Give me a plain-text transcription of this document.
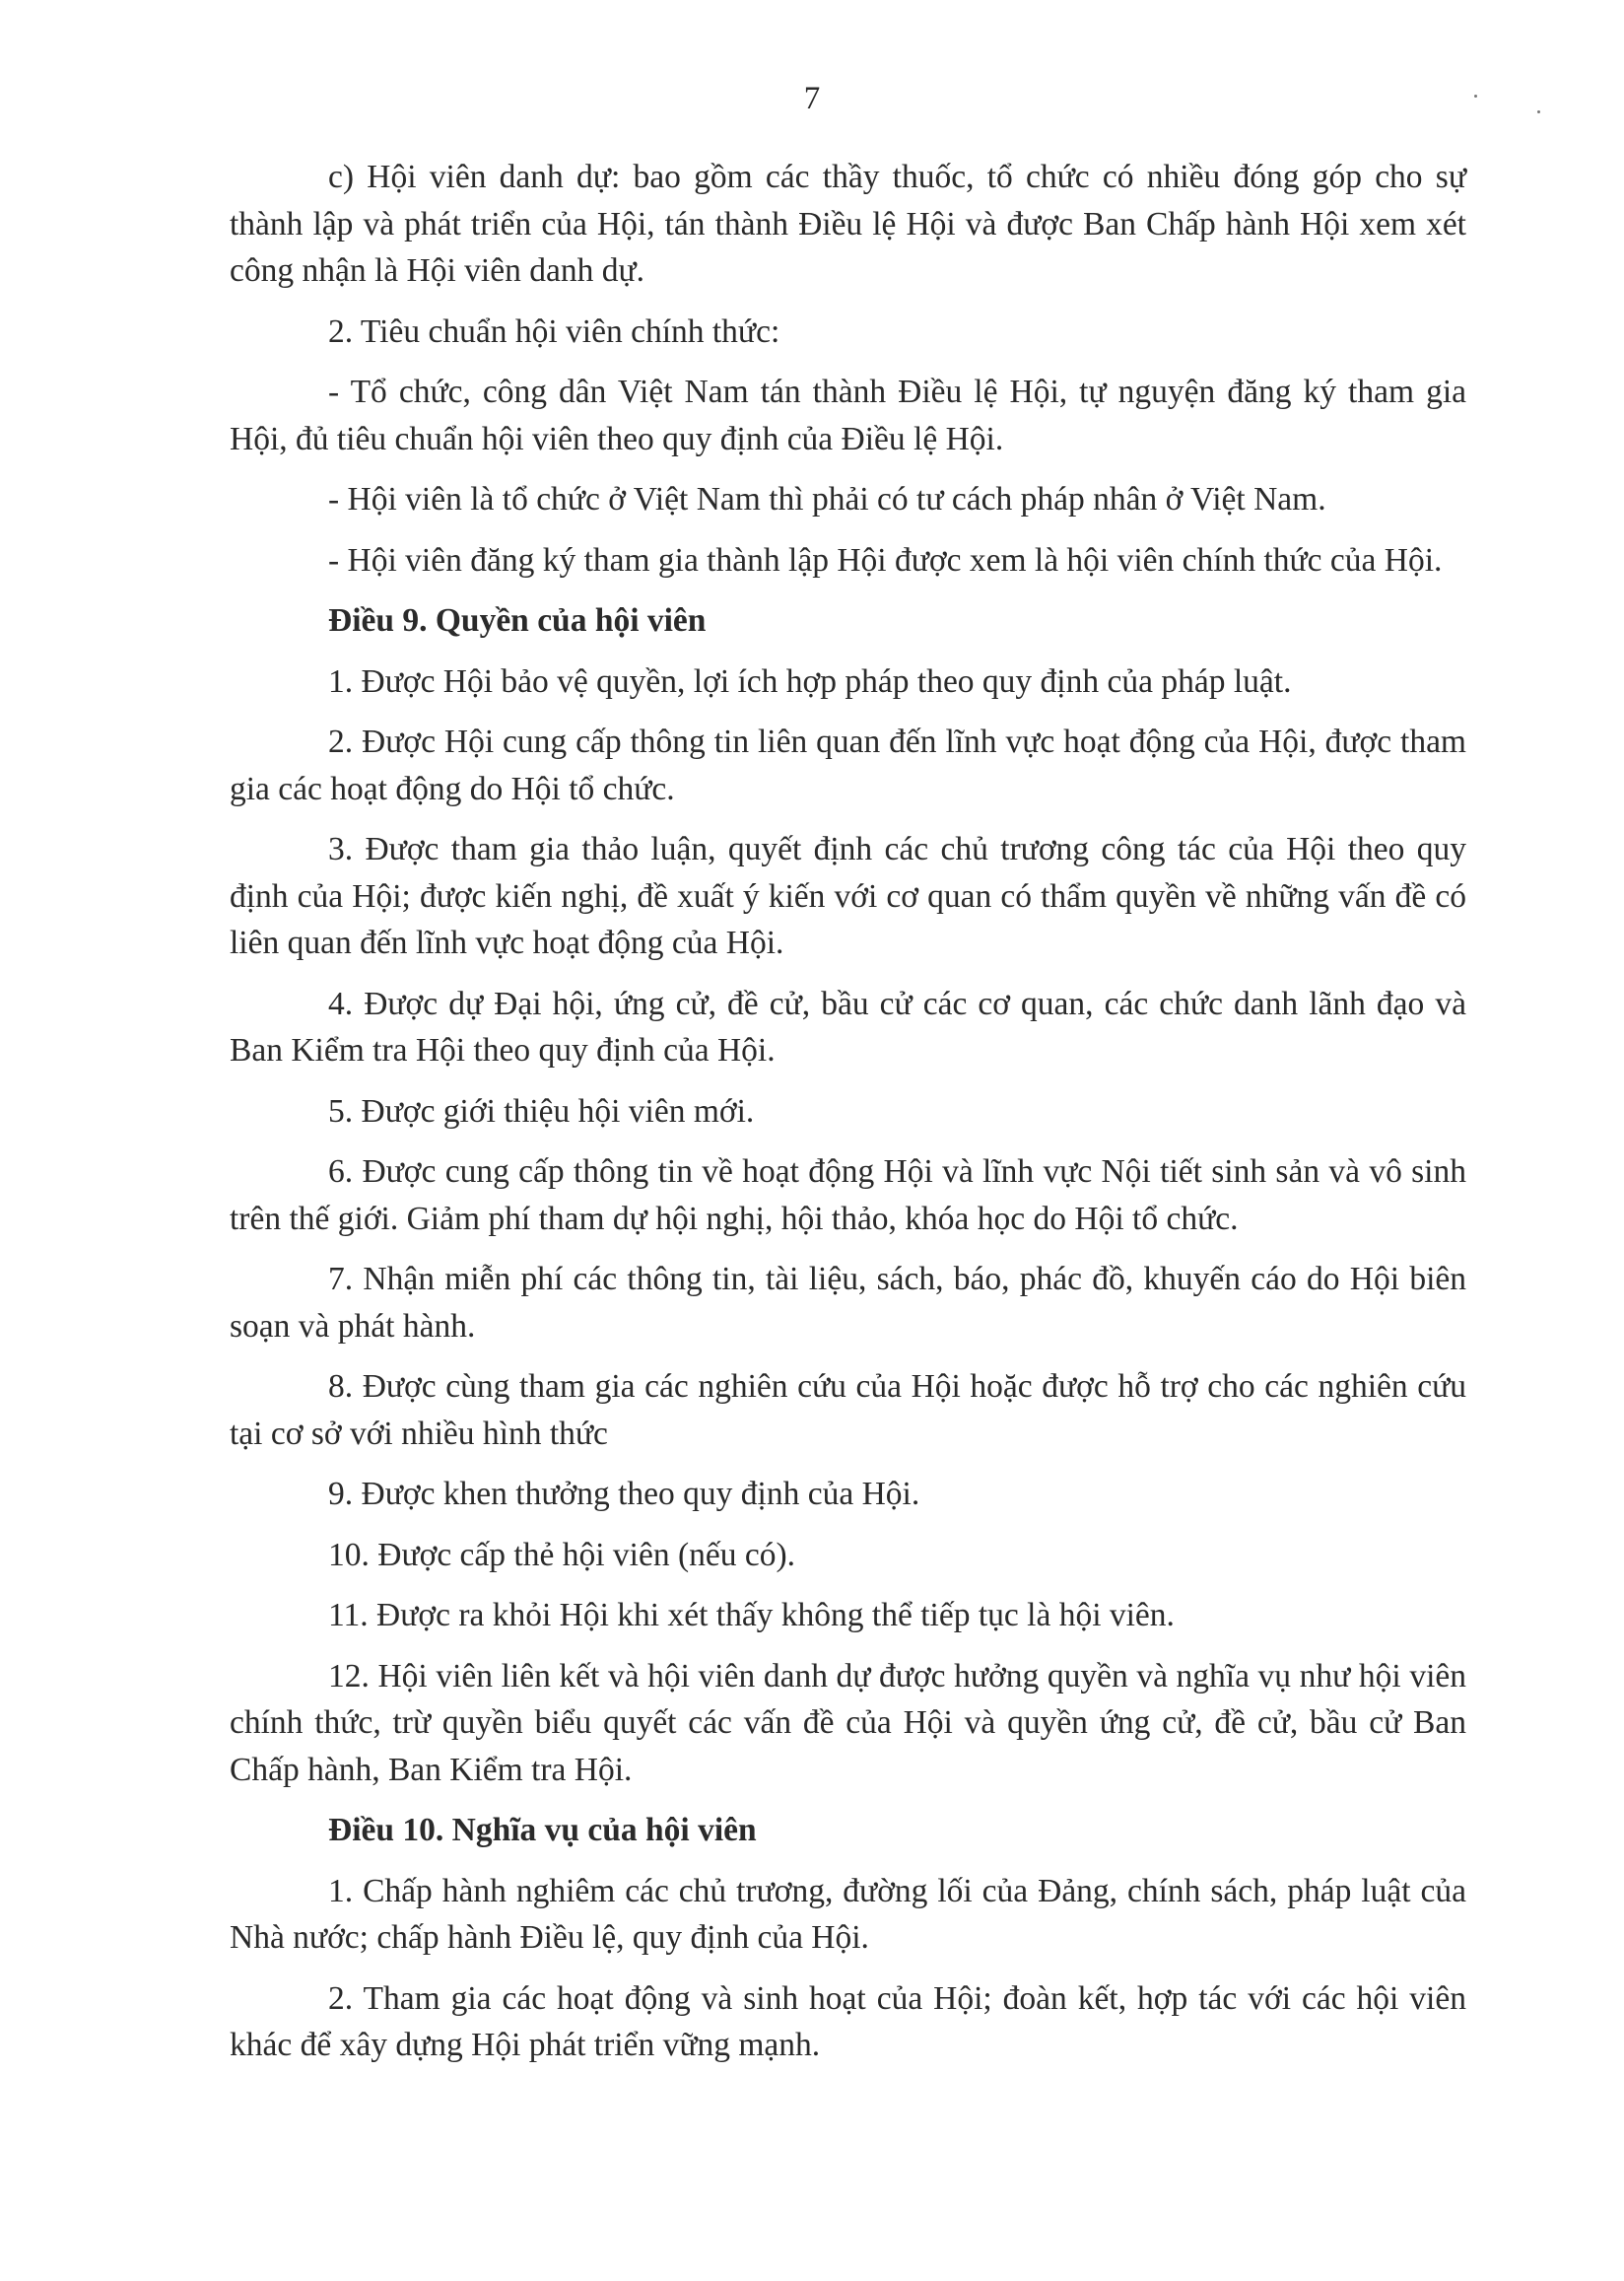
7

c) Hội viên danh dự: bao gồm các thầy thuốc, tổ chức có nhiều đóng góp cho sự thành lập và phát triển của Hội, tán thành Điều lệ Hội và được Ban Chấp hành Hội xem xét công nhận là Hội viên danh dự.

2. Tiêu chuẩn hội viên chính thức:

- Tổ chức, công dân Việt Nam tán thành Điều lệ Hội, tự nguyện đăng ký tham gia Hội, đủ tiêu chuẩn hội viên theo quy định của Điều lệ Hội.

- Hội viên là tổ chức ở Việt Nam thì phải có tư cách pháp nhân ở Việt Nam.

- Hội viên đăng ký tham gia thành lập Hội được xem là hội viên chính thức của Hội.

Điều 9. Quyền của hội viên

1. Được Hội bảo vệ quyền, lợi ích hợp pháp theo quy định của pháp luật.

2. Được Hội cung cấp thông tin liên quan đến lĩnh vực hoạt động của Hội, được tham gia các hoạt động do Hội tổ chức.

3. Được tham gia thảo luận, quyết định các chủ trương công tác của Hội theo quy định của Hội; được kiến nghị, đề xuất ý kiến với cơ quan có thẩm quyền về những vấn đề có liên quan đến lĩnh vực hoạt động của Hội.

4. Được dự Đại hội, ứng cử, đề cử, bầu cử các cơ quan, các chức danh lãnh đạo và Ban Kiểm tra Hội theo quy định của Hội.

5. Được giới thiệu hội viên mới.

6. Được cung cấp thông tin về hoạt động Hội và lĩnh vực Nội tiết sinh sản và vô sinh trên thế giới. Giảm phí tham dự hội nghị, hội thảo, khóa học do Hội tổ chức.

7. Nhận miễn phí các thông tin, tài liệu, sách, báo, phác đồ, khuyến cáo do Hội biên soạn và phát hành.

8. Được cùng tham gia các nghiên cứu của Hội hoặc được hỗ trợ cho các nghiên cứu tại cơ sở với nhiều hình thức

9. Được khen thưởng theo quy định của Hội.

10. Được cấp thẻ hội viên (nếu có).

11. Được ra khỏi Hội khi xét thấy không thể tiếp tục là hội viên.

12. Hội viên liên kết và hội viên danh dự được hưởng quyền và nghĩa vụ như hội viên chính thức, trừ quyền biểu quyết các vấn đề của Hội và quyền ứng cử, đề cử, bầu cử Ban Chấp hành, Ban Kiểm tra Hội.

Điều 10. Nghĩa vụ của hội viên

1. Chấp hành nghiêm các chủ trương, đường lối của Đảng, chính sách, pháp luật của Nhà nước; chấp hành Điều lệ, quy định của Hội.

2. Tham gia các hoạt động và sinh hoạt của Hội; đoàn kết, hợp tác với các hội viên khác để xây dựng Hội phát triển vững mạnh.
